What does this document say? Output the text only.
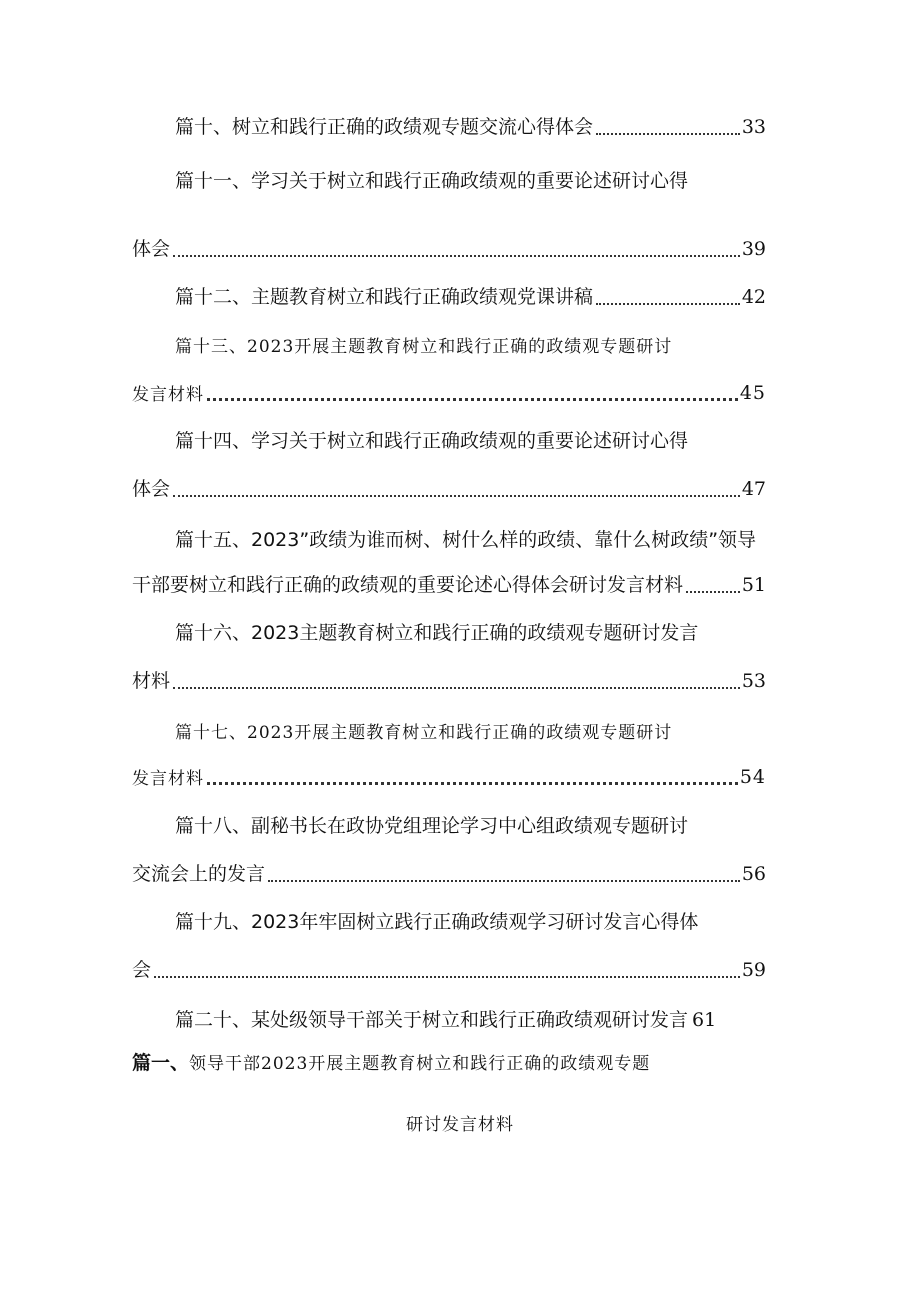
篇十、树立和践行正确的政绩观专题交流心得体会	33
篇十一、学习关于树立和践行正确政绩观的重要论述研讨心得
体会	39
篇十二、主题教育树立和践行正确政绩观党课讲稿	42
篇十三、2023开展主题教育树立和践行正确的政绩观专题研讨
发言材料	45
篇十四、学习关于树立和践行正确政绩观的重要论述研讨心得
体会	47
篇十五、2023”政绩为谁而树、树什么样的政绩、靠什么树政绩”领导
干部要树立和践行正确的政绩观的重要论述心得体会研讨发言材料	51
篇十六、2023主题教育树立和践行正确的政绩观专题研讨发言
材料	53
篇十七、2023开展主题教育树立和践行正确的政绩观专题研讨
发言材料	54
篇十八、副秘书长在政协党组理论学习中心组政绩观专题研讨
交流会上的发言	56
篇十九、2023年牢固树立践行正确政绩观学习研讨发言心得体
会	59
篇二十、某处级领导干部关于树立和践行正确政绩观研讨发言 61
篇一、领导干部2023开展主题教育树立和践行正确的政绩观专题
研讨发言材料
